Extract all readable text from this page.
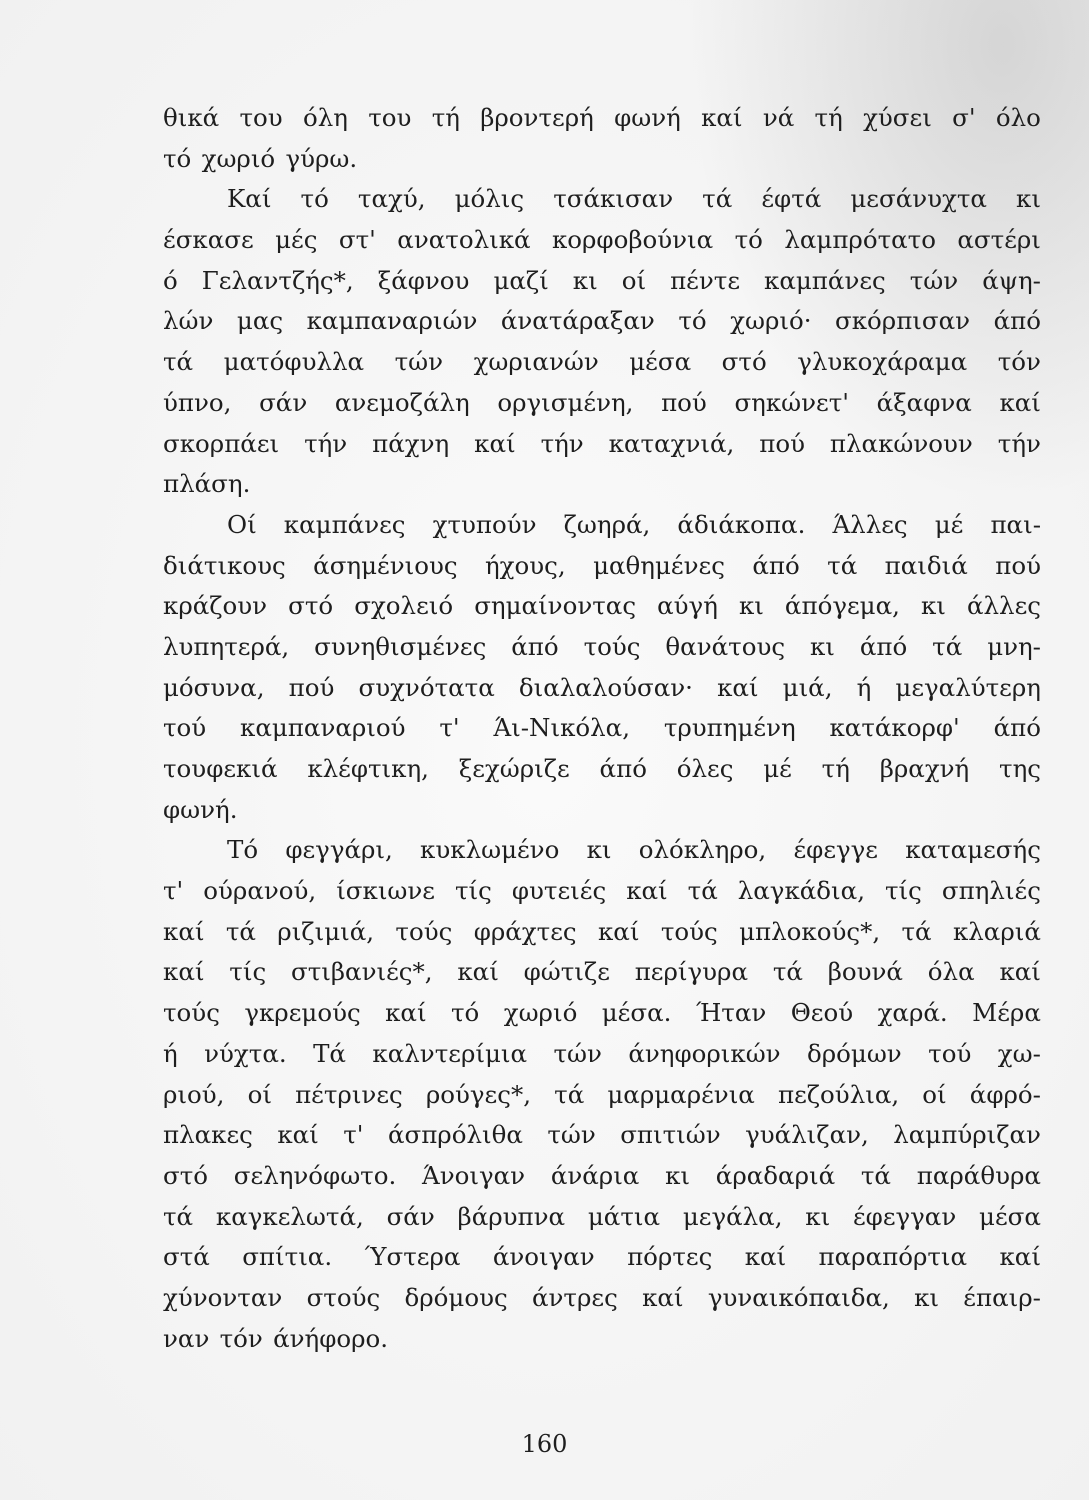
θικά του όλη του τή βροντερή φωνή καί νά τή χύσει σ' όλο
τό χωριό γύρω.
Καί τό ταχύ, μόλις τσάκισαν τά έφτά μεσάνυχτα κι
έσκασε μές στ' ανατολικά κορφοβούνια τό λαμπρότατο αστέρι
ό Γελαντζής*, ξάφνου μαζί κι οί πέντε καμπάνες τών άψη-
λών μας καμπαναριών άνατάραξαν τό χωριό· σκόρπισαν άπό
τά ματόφυλλα τών χωριανών μέσα στό γλυκοχάραμα τόν
ύπνο, σάν ανεμοζάλη οργισμένη, πού σηκώνετ' άξαφνα καί
σκορπάει τήν πάχνη καί τήν καταχνιά, πού πλακώνουν τήν
πλάση.
Οί καμπάνες χτυπούν ζωηρά, άδιάκοπα. Άλλες μέ παι-
διάτικους άσημένιους ήχους, μαθημένες άπό τά παιδιά πού
κράζουν στό σχολειό σημαίνοντας αύγή κι άπόγεμα, κι άλλες
λυπητερά, συνηθισμένες άπό τούς θανάτους κι άπό τά μνη-
μόσυνα, πού συχνότατα διαλαλούσαν· καί μιά, ή μεγαλύτερη
τού καμπαναριού τ' Άι-Νικόλα, τρυπημένη κατάκορφ' άπό
τουφεκιά κλέφτικη, ξεχώριζε άπό όλες μέ τή βραχνή της
φωνή.
Τό φεγγάρι, κυκλωμένο κι ολόκληρο, έφεγγε καταμεσής
τ' ούρανού, ίσκιωνε τίς φυτειές καί τά λαγκάδια, τίς σπηλιές
καί τά ριζιμιά, τούς φράχτες καί τούς μπλοκούς*, τά κλαριά
καί τίς στιβανιές*, καί φώτιζε περίγυρα τά βουνά όλα καί
τούς γκρεμούς καί τό χωριό μέσα. Ήταν Θεού χαρά. Μέρα
ή νύχτα. Τά καλντερίμια τών άνηφορικών δρόμων τού χω-
ριού, οί πέτρινες ρούγες*, τά μαρμαρένια πεζούλια, οί άφρό-
πλακες καί τ' άσπρόλιθα τών σπιτιών γυάλιζαν, λαμπύριζαν
στό σεληνόφωτο. Άνοιγαν άνάρια κι άραδαριά τά παράθυρα
τά καγκελωτά, σάν βάρυπνα μάτια μεγάλα, κι έφεγγαν μέσα
στά σπίτια. Ύστερα άνοιγαν πόρτες καί παραπόρτια καί
χύνονταν στούς δρόμους άντρες καί γυναικόπαιδα, κι έπαιρ-
ναν τόν άνήφορο.
160
